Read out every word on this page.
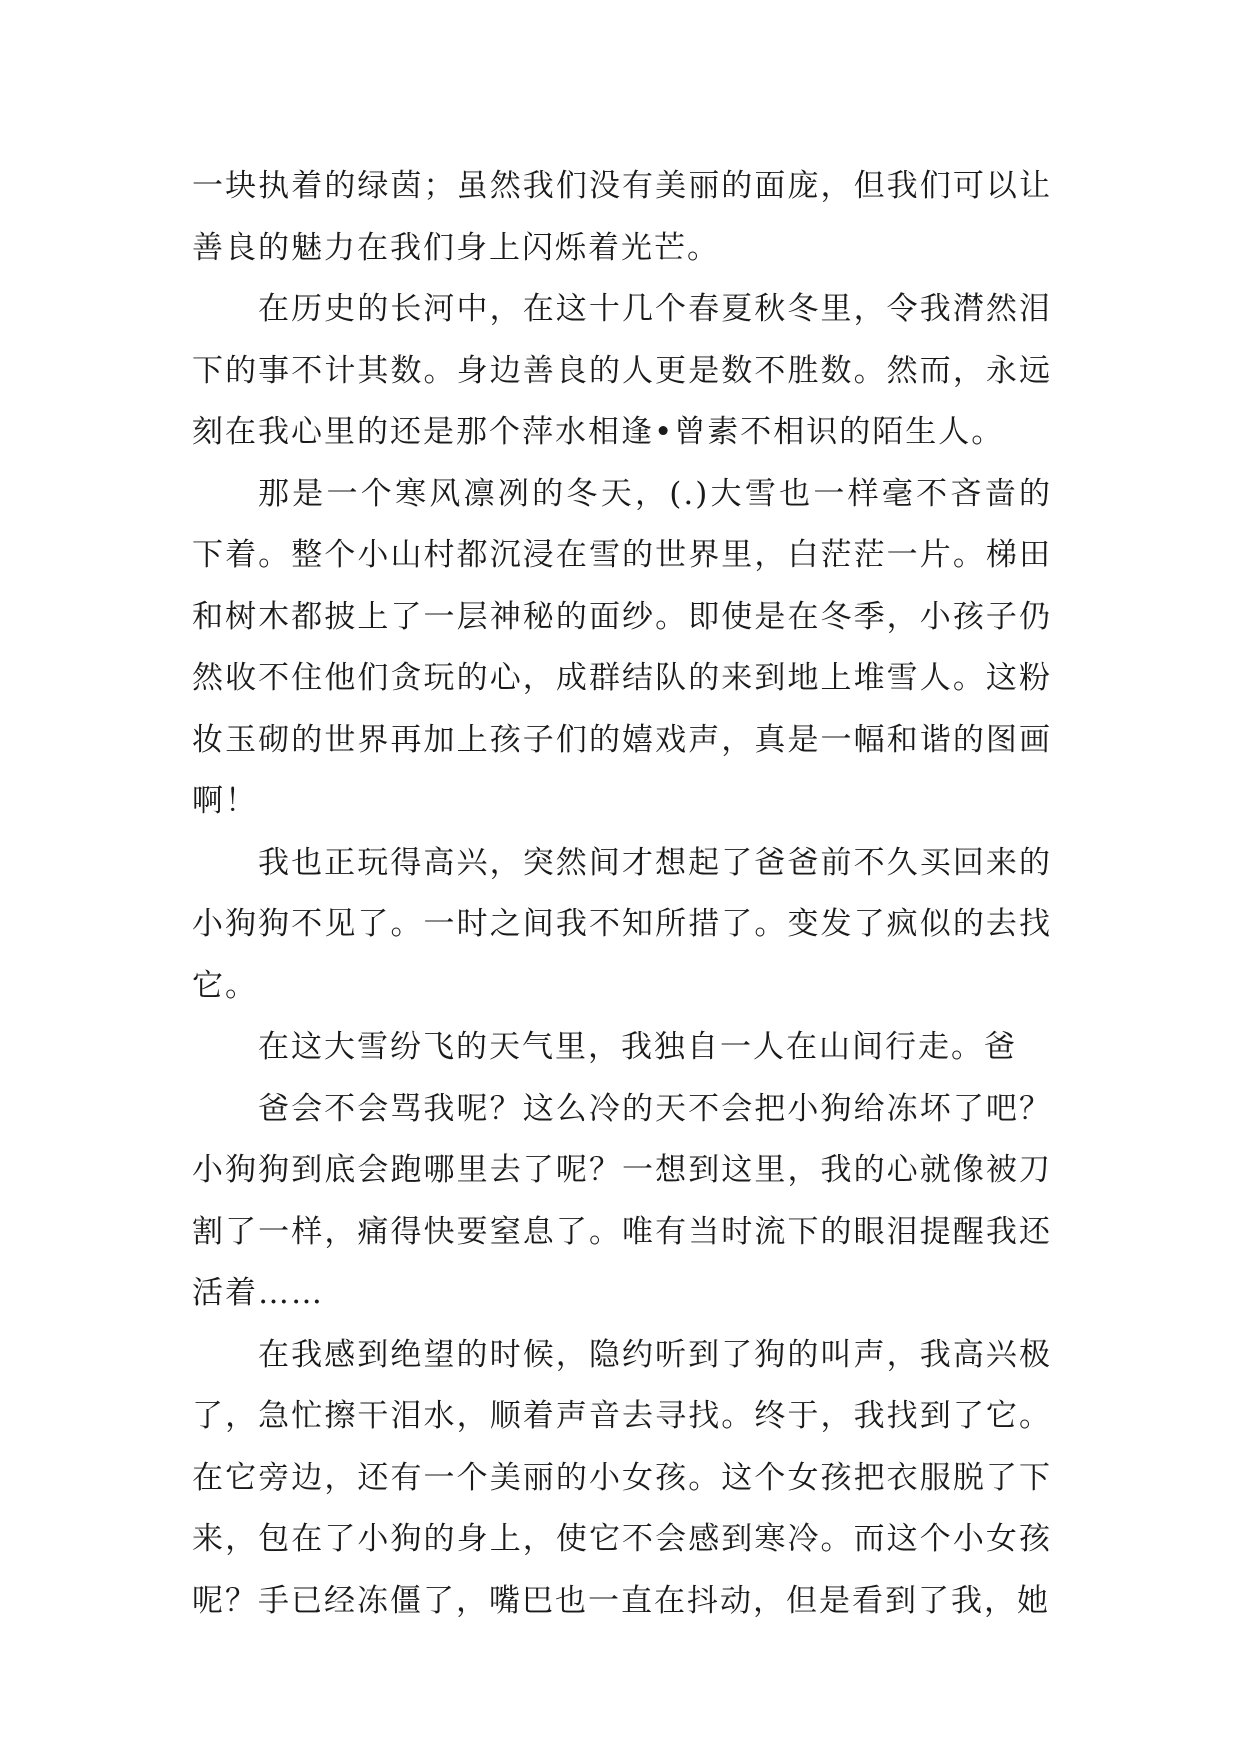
一块执着的绿茵；虽然我们没有美丽的面庞，但我们可以让善良的魅力在我们身上闪烁着光芒。

在历史的长河中，在这十几个春夏秋冬里，令我潸然泪下的事不计其数。身边善良的人更是数不胜数。然而，永远刻在我心里的还是那个萍水相逢•曾素不相识的陌生人。

那是一个寒风凛冽的冬天，(.)大雪也一样毫不吝啬的下着。整个小山村都沉浸在雪的世界里，白茫茫一片。梯田和树木都披上了一层神秘的面纱。即使是在冬季，小孩子仍然收不住他们贪玩的心，成群结队的来到地上堆雪人。这粉妆玉砌的世界再加上孩子们的嬉戏声，真是一幅和谐的图画啊！

我也正玩得高兴，突然间才想起了爸爸前不久买回来的小狗狗不见了。一时之间我不知所措了。变发了疯似的去找它。

在这大雪纷飞的天气里，我独自一人在山间行走。爸

爸会不会骂我呢？这么冷的天不会把小狗给冻坏了吧？小狗狗到底会跑哪里去了呢？一想到这里，我的心就像被刀割了一样，痛得快要窒息了。唯有当时流下的眼泪提醒我还活着……

在我感到绝望的时候，隐约听到了狗的叫声，我高兴极了，急忙擦干泪水，顺着声音去寻找。终于，我找到了它。在它旁边，还有一个美丽的小女孩。这个女孩把衣服脱了下来，包在了小狗的身上，使它不会感到寒冷。而这个小女孩呢？手已经冻僵了，嘴巴也一直在抖动，但是看到了我，她
